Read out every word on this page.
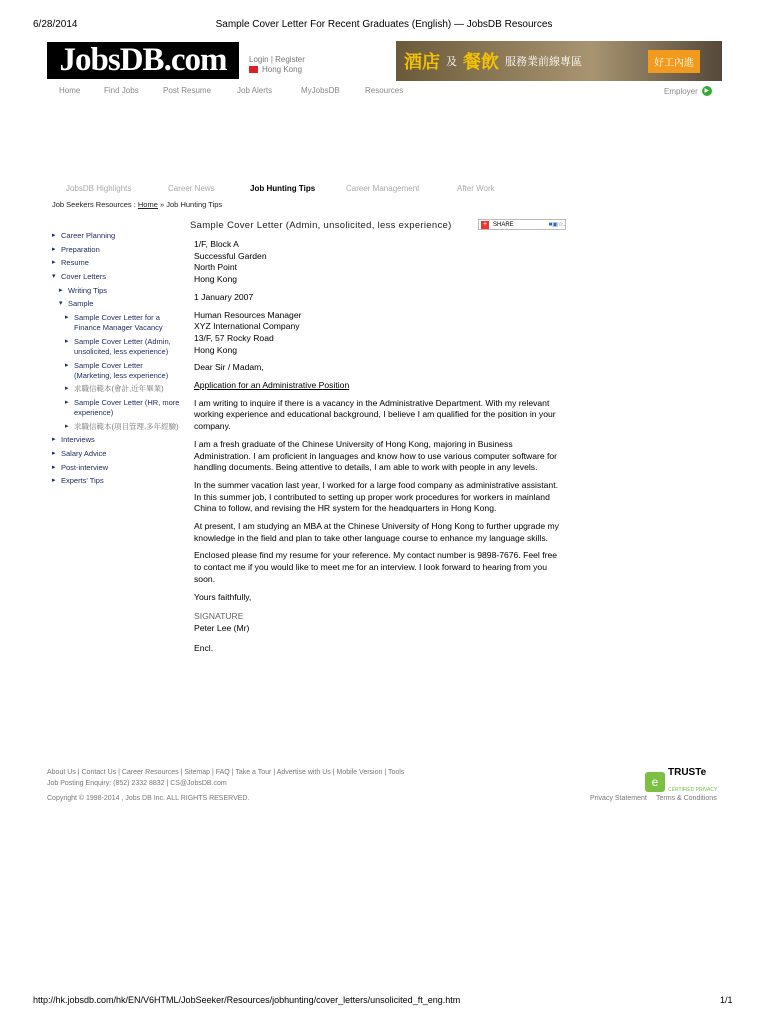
6/28/2014	Sample Cover Letter For Recent Graduates (English) — JobsDB Resources
JobsDB.com	Login | Register
Hong Kong	酒店 及 餐飲 服務業前線專區	好工內進
Home	Find Jobs	Post Resume	Job Alerts	MyJobsDB	Resources	Employer	▶
JobsDB Highlights	Career News	Job Hunting Tips	Career Management	After Work
Job Seekers Resources : Home » Job Hunting Tips
▸ Career Planning
▸ Preparation
▸ Resume
▾ Cover Letters
▸ Writing Tips
▾ Sample
▸ Sample Cover Letter for a Finance Manager Vacancy
▸ Sample Cover Letter (Admin, unsolicited, less experience)
▸ Sample Cover Letter (Marketing, less experience)
▸ 求職信範本(會計,近年畢業)
▸ Sample Cover Letter (HR, more experience)
▸ 求職信範本(項目管理,多年經驗)
▸ Interviews
▸ Salary Advice
▸ Post-interview
▸ Experts' Tips
Sample Cover Letter (Admin, unsolicited, less experience)	+ SHARE	■▣☆.

1/F, Block A
Successful Garden
North Point
Hong Kong

1 January 2007

Human Resources Manager
XYZ International Company
13/F, 57 Rocky Road
Hong Kong

Dear Sir / Madam,

Application for an Administrative Position

I am writing to inquire if there is a vacancy in the Administrative Department. With my relevant working experience and educational background, I believe I am qualified for the position in your company.

I am a fresh graduate of the Chinese University of Hong Kong, majoring in Business Administration. I am proficient in languages and know how to use various computer software for handling documents. Being attentive to details, I am able to work with people in any levels.

In the summer vacation last year, I worked for a large food company as administrative assistant. In this summer job, I contributed to setting up proper work procedures for workers in mainland China to follow, and revising the HR system for the headquarters in Hong Kong.

At present, I am studying an MBA at the Chinese University of Hong Kong to further upgrade my knowledge in the field and plan to take other language course to enhance my language skills.

Enclosed please find my resume for your reference. My contact number is 9898-7676. Feel free to contact me if you would like to meet me for an interview. I look forward to hearing from you soon.

Yours faithfully,

SIGNATURE

Peter Lee (Mr)

Encl.

About Us | Contact Us | Career Resources | Sitemap | FAQ | Take a Tour | Advertise with Us | Mobile Version | Tools
Job Posting Enquiry: (852) 2332 8832 | CS@JobsDB.com
Copyright © 1998-2014 , Jobs DB Inc. ALL RIGHTS RESERVED.
e
TRUSTe
CERTIFIED PRIVACY
Privacy Statement Terms & Conditions
http://hk.jobsdb.com/hk/EN/V6HTML/JobSeeker/Resources/jobhunting/cover_letters/unsolicited_ft_eng.htm	1/1
